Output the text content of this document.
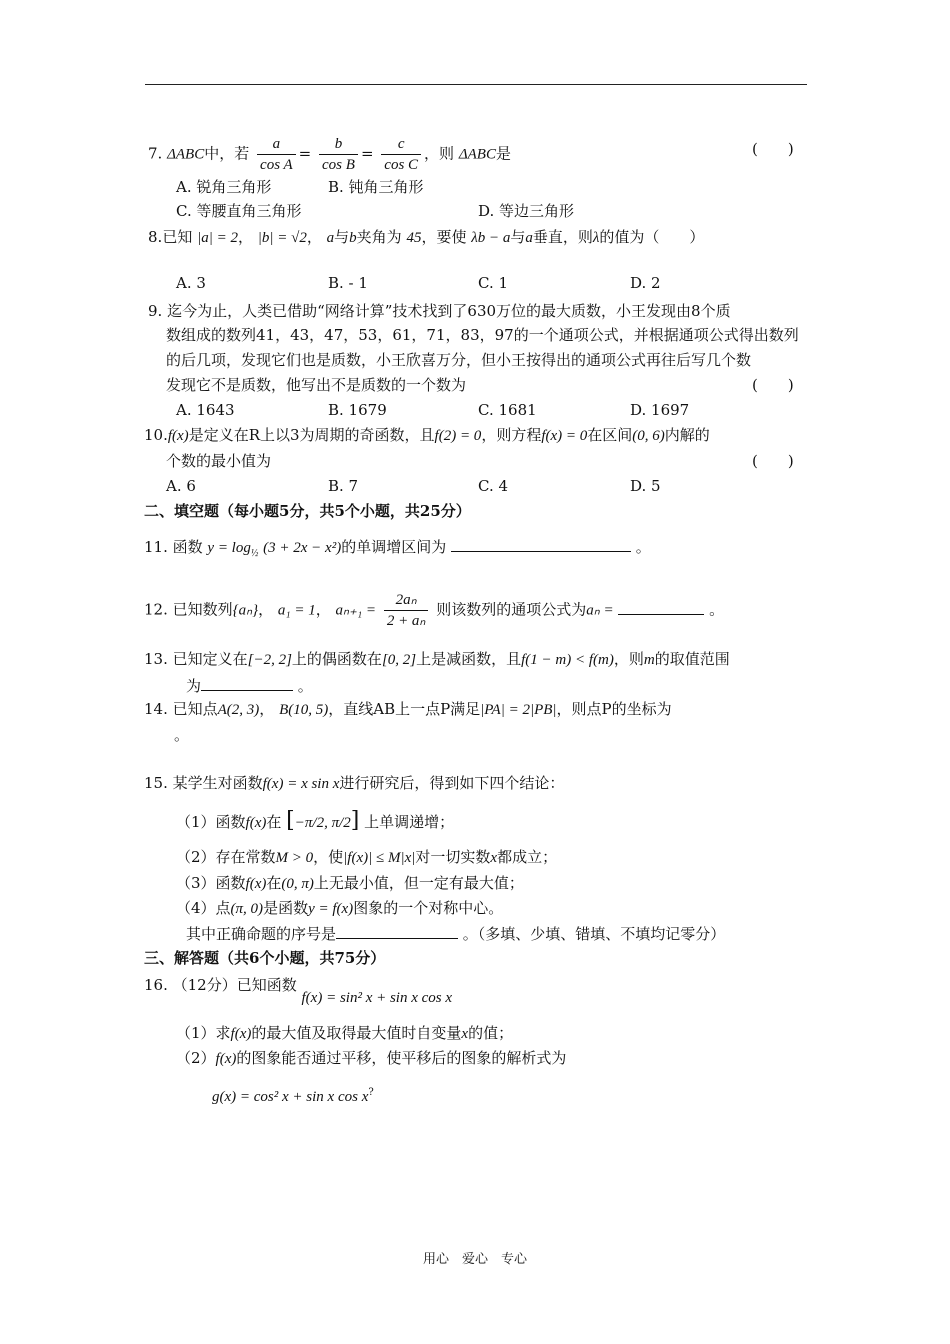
7. ΔABC中，若 $\frac{a}{\text{cos A}} = \frac{b}{\text{cos B}} = \frac{c}{\text{cos C}}$ ，则 ΔABC是	(　　)
A. 锐角三角形	B. 钝角三角形
C. 等腰直角三角形	D. 等边三角形
8.已知 |a| = 2， |b| = √2， a与b夹角为 45，要使 λb − a与a垂直，则λ的值为（　　）
A. 3	B. - 1	C. 1	D. 2
9. 迄今为止，人类已借助“网络计算”技术找到了630万位的最大质数，小王发现由8个质
数组成的数列41，43，47，53，61，71，83，97的一个通项公式，并根据通项公式得出数列
的后几项，发现它们也是质数，小王欣喜万分，但小王按得出的通项公式再往后写几个数
发现它不是质数，他写出不是质数的一个数为	(　　)
A. 1643	B. 1679	C. 1681	D. 1697
10.f(x)是定义在R上以3为周期的奇函数，且f(2) = 0，则方程f(x) = 0在区间(0, 6)内解的
个数的最小值为	(　　)
A. 6	B. 7	C. 4	D. 5
二、填空题（每小题5分，共5个小题，共25分）
11. 函数 $y = \log_{\frac{1}{2}} (3 + 2x - x^2)$的单调增区间为	。
12. 已知数列{aₙ}， a₁ = 1， $a_{n+1} = \frac{\text{2aₙ}}{\text{2 + aₙ}}$ 则该数列的通项公式为aₙ =	。
13. 已知定义在[−2, 2]上的偶函数在[0, 2]上是减函数，且f(1 − m) < f(m)，则m的取值范围
为	。
14. 已知点A(2, 3)， B(10, 5)，直线AB上一点P满足|PA| = 2|PB|，则点P的坐标为
。
15. 某学生对函数f(x) = x sin x进行研究后，得到如下四个结论：
（1）函数f(x)在 [−π/2, π/2] 上单调递增；
（2）存在常数M > 0，使|f(x)| ≤ M|x|对一切实数x都成立；
（3）函数f(x)在(0, π)上无最小值，但一定有最大值；
（4）点(π, 0)是函数y = f(x)图象的一个对称中心。
其中正确命题的序号是	。（多填、少填、错填、不填均记零分）
三、解答题（共6个小题，共75分）
16. （12分）已知函数 f(x) = sin² x + sin x cos x
（1）求f(x)的最大值及取得最大值时自变量x的值；
（2）f(x)的图象能否通过平移，使平移后的图象的解析式为
g(x) = cos² x + sin x cos x?
用心　爱心　专心
